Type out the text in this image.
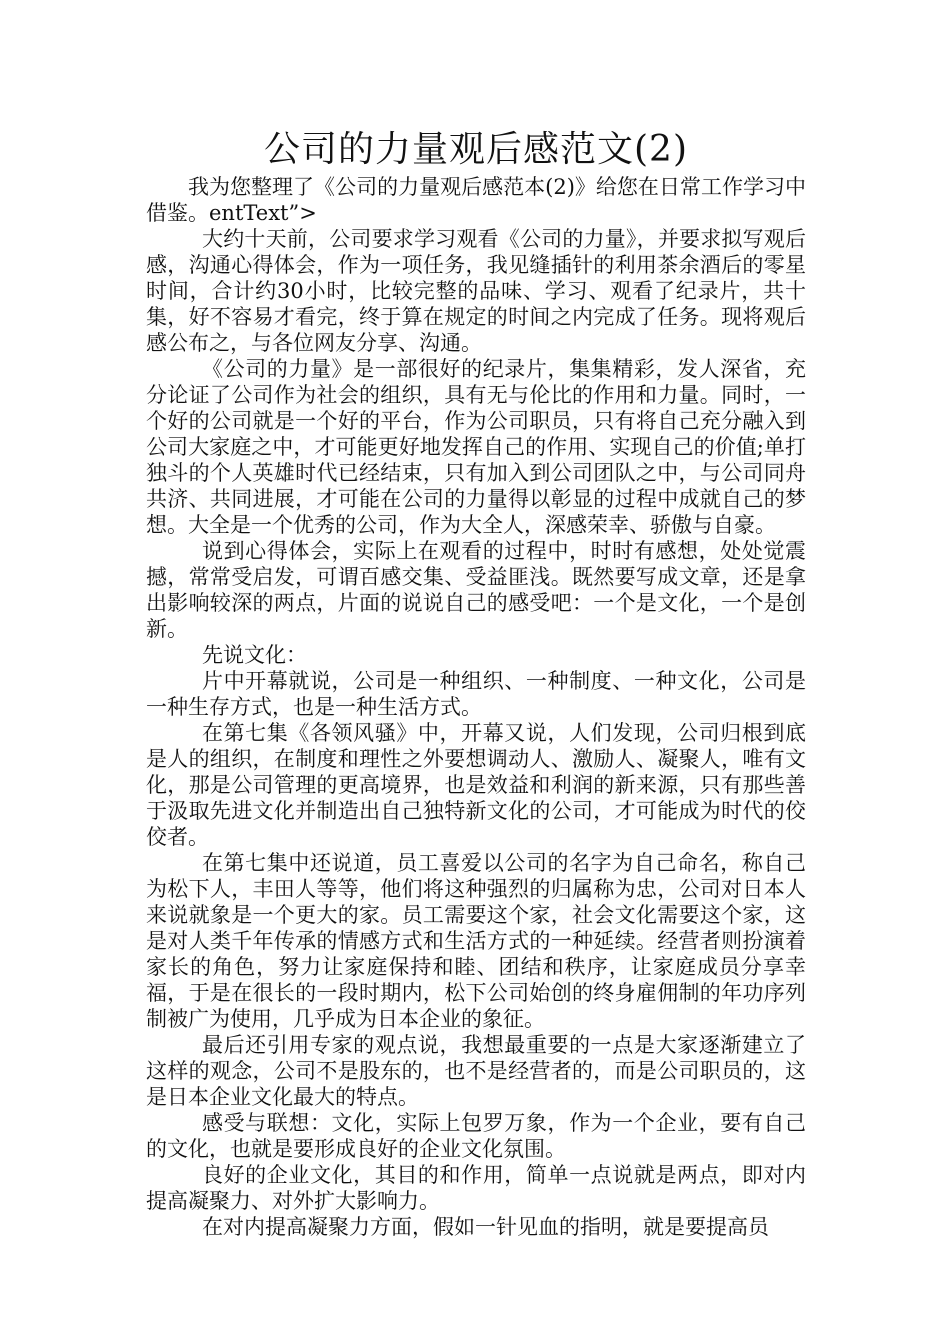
公司的力量观后感范文(2)

我为您整理了《公司的力量观后感范本(2)》给您在日常工作学习中借鉴。entText”>

大约十天前，公司要求学习观看《公司的力量》，并要求拟写观后感，沟通心得体会，作为一项任务，我见缝插针的利用茶余酒后的零星时间，合计约30小时，比较完整的品味、学习、观看了纪录片，共十集，好不容易才看完，终于算在规定的时间之内完成了任务。现将观后感公布之，与各位网友分享、沟通。

《公司的力量》是一部很好的纪录片，集集精彩，发人深省，充分论证了公司作为社会的组织，具有无与伦比的作用和力量。同时，一个好的公司就是一个好的平台，作为公司职员，只有将自己充分融入到公司大家庭之中，才可能更好地发挥自己的作用、实现自己的价值;单打独斗的个人英雄时代已经结束，只有加入到公司团队之中，与公司同舟共济、共同进展，才可能在公司的力量得以彰显的过程中成就自己的梦想。大全是一个优秀的公司，作为大全人，深感荣幸、骄傲与自豪。

说到心得体会，实际上在观看的过程中，时时有感想，处处觉震撼，常常受启发，可谓百感交集、受益匪浅。既然要写成文章，还是拿出影响较深的两点，片面的说说自己的感受吧：一个是文化，一个是创新。

先说文化：

片中开幕就说，公司是一种组织、一种制度、一种文化，公司是一种生存方式，也是一种生活方式。

在第七集《各领风骚》中，开幕又说，人们发现，公司归根到底是人的组织，在制度和理性之外要想调动人、激励人、凝聚人，唯有文化，那是公司管理的更高境界，也是效益和利润的新来源，只有那些善于汲取先进文化并制造出自己独特新文化的公司，才可能成为时代的佼佼者。

在第七集中还说道，员工喜爱以公司的名字为自己命名，称自己为松下人，丰田人等等，他们将这种强烈的归属称为忠，公司对日本人来说就象是一个更大的家。员工需要这个家，社会文化需要这个家，这是对人类千年传承的情感方式和生活方式的一种延续。经营者则扮演着家长的角色，努力让家庭保持和睦、团结和秩序，让家庭成员分享幸福，于是在很长的一段时期内，松下公司始创的终身雇佣制的年功序列制被广为使用，几乎成为日本企业的象征。

最后还引用专家的观点说，我想最重要的一点是大家逐渐建立了这样的观念，公司不是股东的，也不是经营者的，而是公司职员的，这是日本企业文化最大的特点。

感受与联想：文化，实际上包罗万象，作为一个企业，要有自己的文化，也就是要形成良好的企业文化氛围。

良好的企业文化，其目的和作用，简单一点说就是两点，即对内提高凝聚力、对外扩大影响力。

在对内提高凝聚力方面，假如一针见血的指明，就是要提高员
